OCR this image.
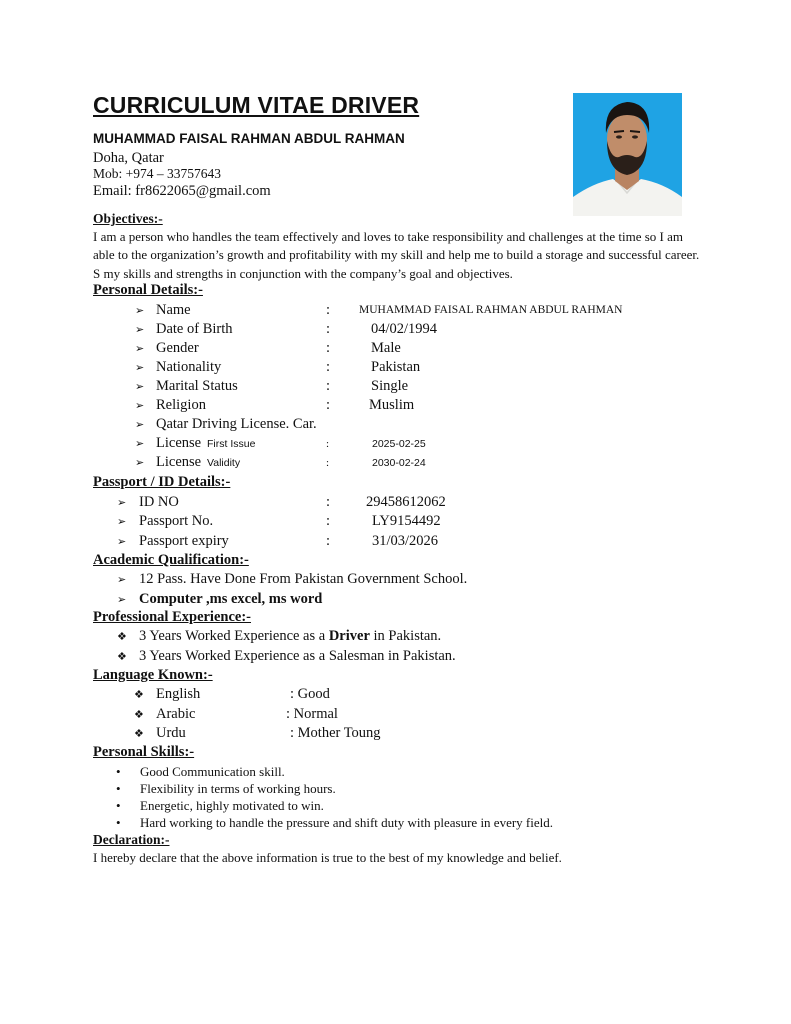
CURRICULUM VITAE DRIVER
MUHAMMAD FAISAL RAHMAN ABDUL RAHMAN
Doha, Qatar
Mob: +974 – 33757643
Email: fr8622065@gmail.com
Objectives:-

I am a person who handles the team effectively and loves to take responsibility and challenges at the time so I am able to the organization’s growth and profitability with my skill and help me to build a storage and successful career. S my skills and strengths in conjunction with the company’s goal and objectives.

Personal Details:-
➢ Name	:	MUHAMMAD FAISAL RAHMAN ABDUL RAHMAN
➢ Date of Birth	:	04/02/1994
➢ Gender	:	Male
➢ Nationality	:	Pakistan
➢ Marital Status	:	Single
➢ Religion	:	Muslim
➢ Qatar Driving License. Car.
➢ License First Issue	:	2025-02-25
➢ License Validity	:	2030-02-24
Passport / ID Details:-
➢ ID NO	: 29458612062
➢ Passport No.	:	LY9154492
➢ Passport expiry	:	31/03/2026
Academic Qualification:-
➢ 12 Pass. Have Done From Pakistan Government School.
➢ Computer ,ms excel, ms word
Professional Experience:-
❖ 3 Years Worked Experience as a Driver in Pakistan.
❖ 3 Years Worked Experience as a Salesman in Pakistan.
Language Known:-
❖ English	: Good
❖ Arabic	: Normal
❖ Urdu	: Mother Toung
Personal Skills:-
• Good Communication skill.
• Flexibility in terms of working hours.
• Energetic, highly motivated to win.
• Hard working to handle the pressure and shift duty with pleasure in every field.
Declaration:-
I hereby declare that the above information is true to the best of my knowledge and belief.
